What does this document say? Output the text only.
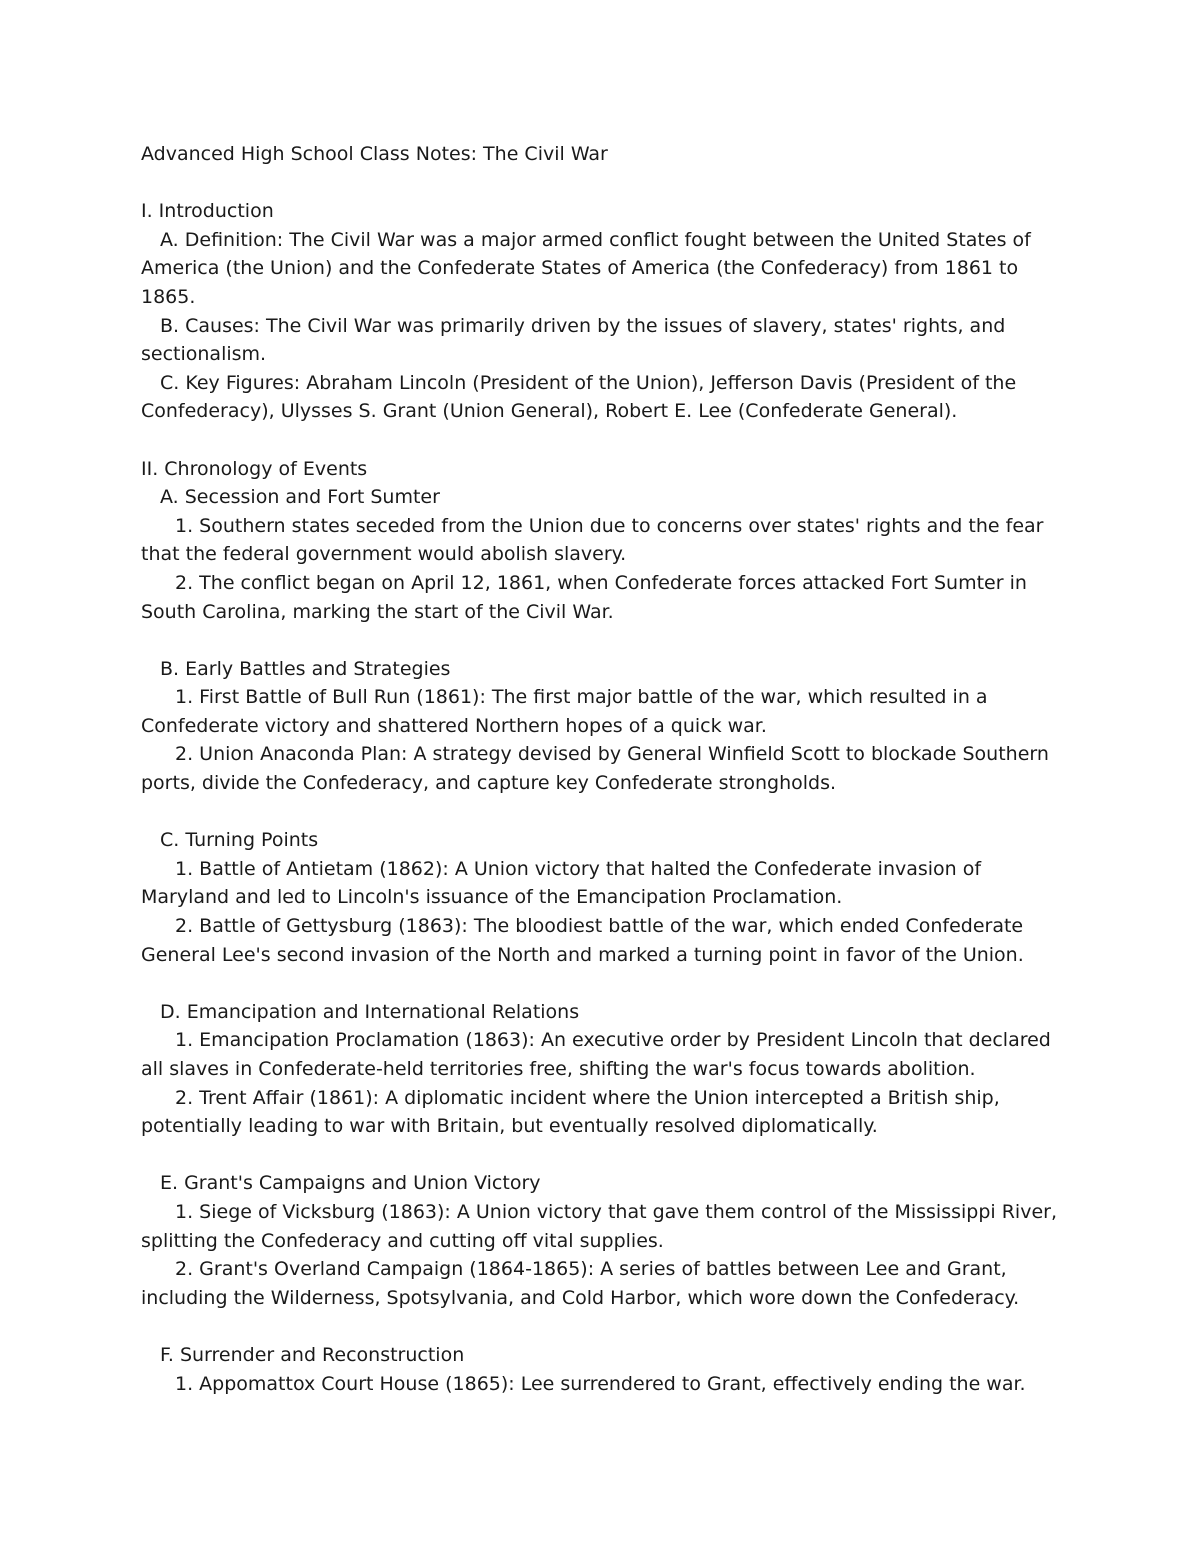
Advanced High School Class Notes: The Civil War
I. Introduction
A. Definition: The Civil War was a major armed conflict fought between the United States of
America (the Union) and the Confederate States of America (the Confederacy) from 1861 to
1865.
B. Causes: The Civil War was primarily driven by the issues of slavery, states' rights, and
sectionalism.
C. Key Figures: Abraham Lincoln (President of the Union), Jefferson Davis (President of the
Confederacy), Ulysses S. Grant (Union General), Robert E. Lee (Confederate General).
II. Chronology of Events
A. Secession and Fort Sumter
1. Southern states seceded from the Union due to concerns over states' rights and the fear
that the federal government would abolish slavery.
2. The conflict began on April 12, 1861, when Confederate forces attacked Fort Sumter in
South Carolina, marking the start of the Civil War.
B. Early Battles and Strategies
1. First Battle of Bull Run (1861): The first major battle of the war, which resulted in a
Confederate victory and shattered Northern hopes of a quick war.
2. Union Anaconda Plan: A strategy devised by General Winfield Scott to blockade Southern
ports, divide the Confederacy, and capture key Confederate strongholds.
C. Turning Points
1. Battle of Antietam (1862): A Union victory that halted the Confederate invasion of
Maryland and led to Lincoln's issuance of the Emancipation Proclamation.
2. Battle of Gettysburg (1863): The bloodiest battle of the war, which ended Confederate
General Lee's second invasion of the North and marked a turning point in favor of the Union.
D. Emancipation and International Relations
1. Emancipation Proclamation (1863): An executive order by President Lincoln that declared
all slaves in Confederate-held territories free, shifting the war's focus towards abolition.
2. Trent Affair (1861): A diplomatic incident where the Union intercepted a British ship,
potentially leading to war with Britain, but eventually resolved diplomatically.
E. Grant's Campaigns and Union Victory
1. Siege of Vicksburg (1863): A Union victory that gave them control of the Mississippi River,
splitting the Confederacy and cutting off vital supplies.
2. Grant's Overland Campaign (1864-1865): A series of battles between Lee and Grant,
including the Wilderness, Spotsylvania, and Cold Harbor, which wore down the Confederacy.
F. Surrender and Reconstruction
1. Appomattox Court House (1865): Lee surrendered to Grant, effectively ending the war.
